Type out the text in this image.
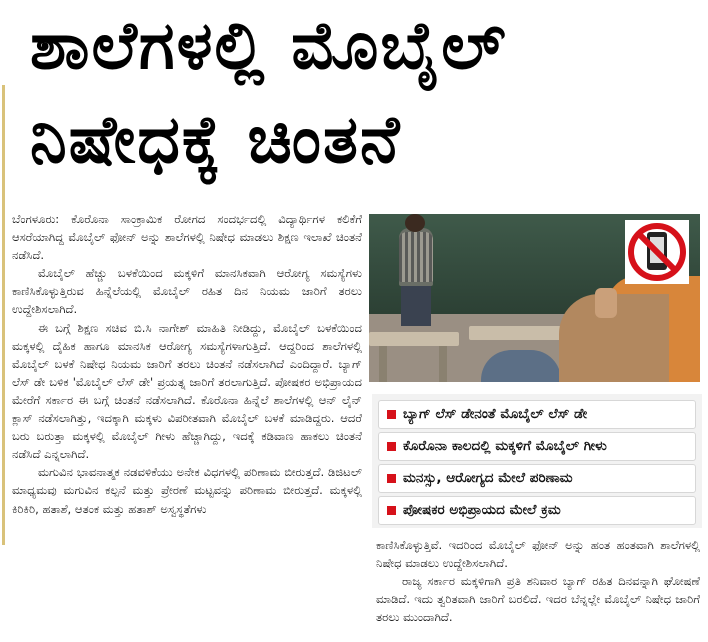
ಶಾಲೆಗಳಲ್ಲಿ ಮೊಬೈಲ್
ನಿಷೇಧಕ್ಕೆ ಚಿಂತನೆ

ಬೆಂಗಳೂರು: ಕೊರೊನಾ ಸಾಂಕ್ರಾಮಿಕ ರೋಗದ ಸಂದರ್ಭದಲ್ಲಿ ವಿದ್ಯಾರ್ಥಿಗಳ ಕಲಿಕೆಗೆ ಆಸರೆಯಾಗಿದ್ದ ಮೊಬೈಲ್ ಫೋನ್ ಅನ್ನು ಶಾಲೆಗಳಲ್ಲಿ ನಿಷೇಧ ಮಾಡಲು ಶಿಕ್ಷಣ ಇಲಾಖೆ ಚಿಂತನೆ ನಡೆಸಿದೆ.

ಮೊಬೈಲ್ ಹೆಚ್ಚು ಬಳಕೆಯಿಂದ ಮಕ್ಕಳಿಗೆ ಮಾನಸಿಕವಾಗಿ ಆರೋಗ್ಯ ಸಮಸ್ಯೆಗಳು ಕಾಣಿಸಿಕೊಳ್ಳುತ್ತಿರುವ ಹಿನ್ನೆಲೆಯಲ್ಲಿ ಮೊಬೈಲ್ ರಹಿತ ದಿನ ನಿಯಮ ಜಾರಿಗೆ ತರಲು ಉದ್ದೇಶಿಸಲಾಗಿದೆ.

ಈ ಬಗ್ಗೆ ಶಿಕ್ಷಣ ಸಚಿವ ಬಿ.ಸಿ ನಾಗೇಶ್ ಮಾಹಿತಿ ನೀಡಿದ್ದು, ಮೊಬೈಲ್ ಬಳಕೆಯಿಂದ ಮಕ್ಕಳಲ್ಲಿ ದೈಹಿಕ ಹಾಗೂ ಮಾನಸಿಕ ಆರೋಗ್ಯ ಸಮಸ್ಯೆಗಳಾಗುತ್ತಿದೆ. ಆದ್ದರಿಂದ ಶಾಲೆಗಳಲ್ಲಿ ಮೊಬೈಲ್ ಬಳಕೆ ನಿಷೇಧ ನಿಯಮ ಜಾರಿಗೆ ತರಲು ಚಿಂತನೆ ನಡೆಸಲಾಗಿದೆ ಎಂದಿದ್ದಾರೆ. ಬ್ಯಾಗ್ ಲೆಸ್ ಡೇ ಬಳಿಕ 'ಮೊಬೈಲ್ ಲೆಸ್ ಡೇ' ಪ್ರಯತ್ನ ಜಾರಿಗೆ ತರಲಾಗುತ್ತಿದೆ. ಪೋಷಕರ ಅಭಿಪ್ರಾಯದ ಮೇರೆಗೆ ಸರ್ಕಾರ ಈ ಬಗ್ಗೆ ಚಿಂತನೆ ನಡೆಸಲಾಗಿದೆ. ಕೊರೊನಾ ಹಿನ್ನೆಲೆ ಶಾಲೆಗಳಲ್ಲಿ ಆನ್ ಲೈನ್ ಕ್ಲಾಸ್ ನಡೆಸಲಾಗಿತ್ತು, ಇದಕ್ಕಾಗಿ ಮಕ್ಕಳು ವಿಪರೀತವಾಗಿ ಮೊಬೈಲ್ ಬಳಕೆ ಮಾಡಿದ್ದರು. ಆದರೆ ಬರು ಬರುತ್ತಾ ಮಕ್ಕಳಲ್ಲಿ ಮೊಬೈಲ್ ಗೀಳು ಹೆಚ್ಚಾಗಿದ್ದು, ಇದಕ್ಕೆ ಕಡಿವಾಣ ಹಾಕಲು ಚಿಂತನೆ ನಡೆಸಿದೆ ಎನ್ನಲಾಗಿದೆ.

ಮಗುವಿನ ಭಾವನಾತ್ಮಕ ನಡವಳಿಕೆಯು ಅನೇಕ ವಿಧಗಳಲ್ಲಿ ಪರಿಣಾಮ ಬೀರುತ್ತದೆ. ಡಿಜಿಟಲ್ ಮಾಧ್ಯಮವು ಮಗುವಿನ ಕಲ್ಪನೆ ಮತ್ತು ಪ್ರೇರಣೆ ಮಟ್ಟವನ್ನು ಪರಿಣಾಮ ಬೀರುತ್ತದೆ. ಮಕ್ಕಳಲ್ಲಿ ಕಿರಿಕಿರಿ, ಹತಾಶೆ, ಆತಂಕ ಮತ್ತು ಹತಾಶ್ ಅಸ್ವಸ್ಥತೆಗಳು

ಬ್ಯಾಗ್ ಲೆಸ್ ಡೇನಂತೆ ಮೊಬೈಲ್ ಲೆಸ್ ಡೇ
ಕೊರೊನಾ ಕಾಲದಲ್ಲಿ ಮಕ್ಕಳಿಗೆ ಮೊಬೈಲ್ ಗೀಳು
ಮನಸ್ಸು, ಆರೋಗ್ಯದ ಮೇಲೆ ಪರಿಣಾಮ
ಪೋಷಕರ ಅಭಿಪ್ರಾಯದ ಮೇಲೆ ಕ್ರಮ

ಕಾಣಿಸಿಕೊಳ್ಳುತ್ತಿವೆ. ಇದರಿಂದ ಮೊಬೈಲ್ ಫೋನ್ ಅನ್ನು ಹಂತ ಹಂತವಾಗಿ ಶಾಲೆಗಳಲ್ಲಿ ನಿಷೇಧ ಮಾಡಲು ಉದ್ದೇಶಿಸಲಾಗಿದೆ.

ರಾಜ್ಯ ಸರ್ಕಾರ ಮಕ್ಕಳಿಗಾಗಿ ಪ್ರತಿ ಶನಿವಾರ ಬ್ಯಾಗ್ ರಹಿತ ದಿನವನ್ನಾಗಿ ಘೋಷಣೆ ಮಾಡಿದೆ. ಇದು ತ್ವರಿತವಾಗಿ ಜಾರಿಗೆ ಬರಲಿದೆ. ಇದರ ಬೆನ್ನಲ್ಲೇ ಮೊಬೈಲ್ ನಿಷೇಧ ಜಾರಿಗೆ ತರಲು ಮುಂದಾಗಿದೆ.
